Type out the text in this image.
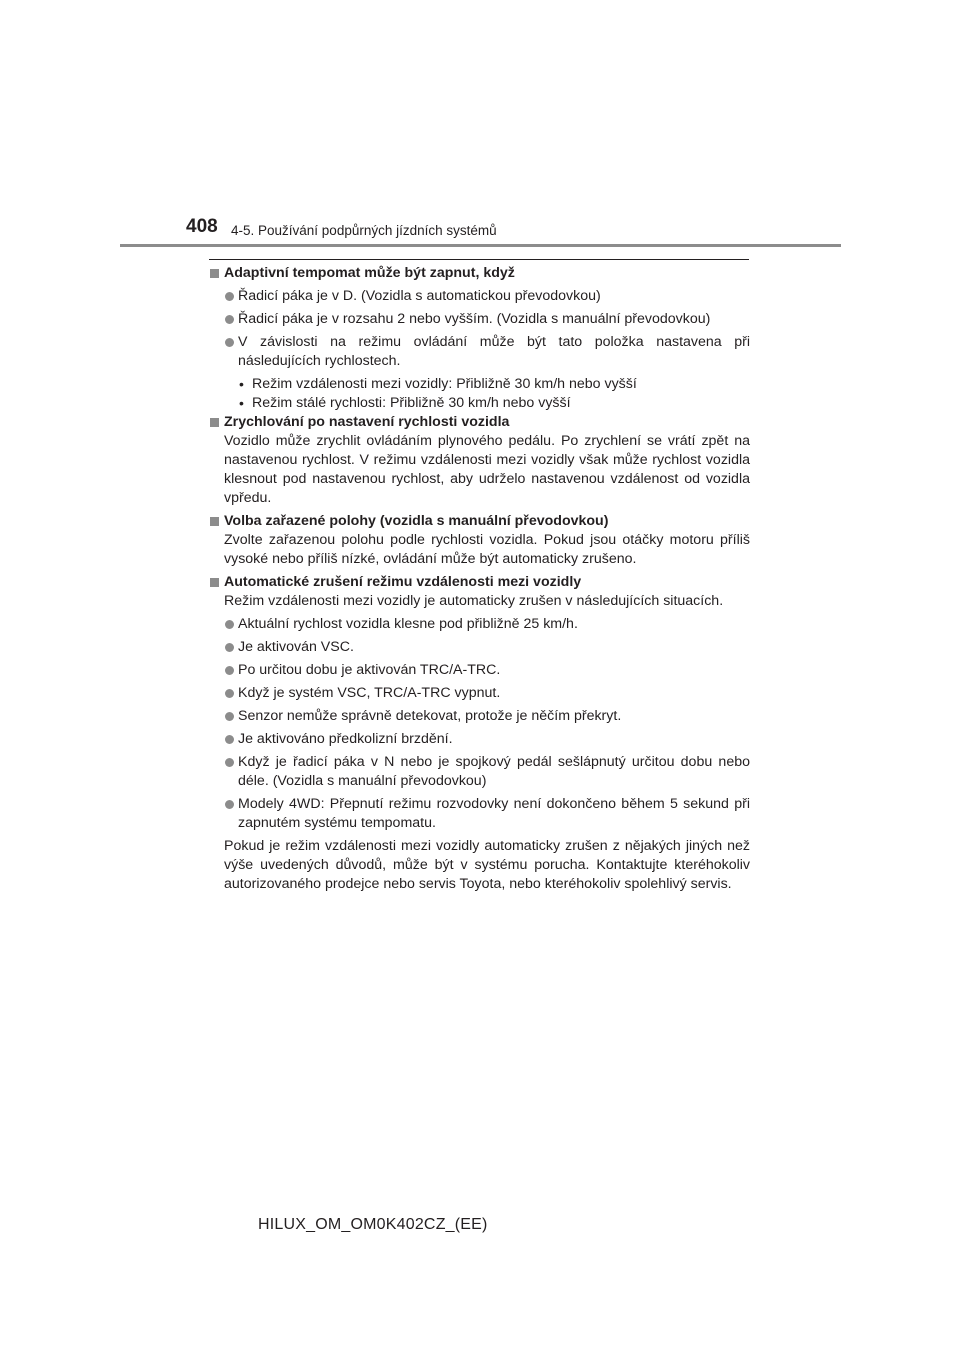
408 4-5. Používání podpůrných jízdních systémů
Adaptivní tempomat může být zapnut, když
Řadicí páka je v D. (Vozidla s automatickou převodovkou)
Řadicí páka je v rozsahu 2 nebo vyšším. (Vozidla s manuální převodovkou)
V závislosti na režimu ovládání může být tato položka nastavena při následujících rychlostech.
• Režim vzdálenosti mezi vozidly: Přibližně 30 km/h nebo vyšší
• Režim stálé rychlosti: Přibližně 30 km/h nebo vyšší
Zrychlování po nastavení rychlosti vozidla
Vozidlo může zrychlit ovládáním plynového pedálu. Po zrychlení se vrátí zpět na nastavenou rychlost. V režimu vzdálenosti mezi vozidly však může rychlost vozidla klesnout pod nastavenou rychlost, aby udrželo nastavenou vzdálenost od vozidla vpředu.
Volba zařazené polohy (vozidla s manuální převodovkou)
Zvolte zařazenou polohu podle rychlosti vozidla. Pokud jsou otáčky motoru příliš vysoké nebo příliš nízké, ovládání může být automaticky zrušeno.
Automatické zrušení režimu vzdálenosti mezi vozidly
Režim vzdálenosti mezi vozidly je automaticky zrušen v následujících situacích.
Aktuální rychlost vozidla klesne pod přibližně 25 km/h.
Je aktivován VSC.
Po určitou dobu je aktivován TRC/A-TRC.
Když je systém VSC, TRC/A-TRC vypnut.
Senzor nemůže správně detekovat, protože je něčím překryt.
Je aktivováno předkolizní brzdění.
Když je řadicí páka v N nebo je spojkový pedál sešlápnutý určitou dobu nebo déle. (Vozidla s manuální převodovkou)
Modely 4WD: Přepnutí režimu rozvodovky není dokončeno během 5 sekund při zapnutém systému tempomatu.
Pokud je režim vzdálenosti mezi vozidly automaticky zrušen z nějakých jiných než výše uvedených důvodů, může být v systému porucha. Kontaktujte kteréhokoliv autorizovaného prodejce nebo servis Toyota, nebo kteréhokoliv spolehlivý servis.
HILUX_OM_OM0K402CZ_(EE)
